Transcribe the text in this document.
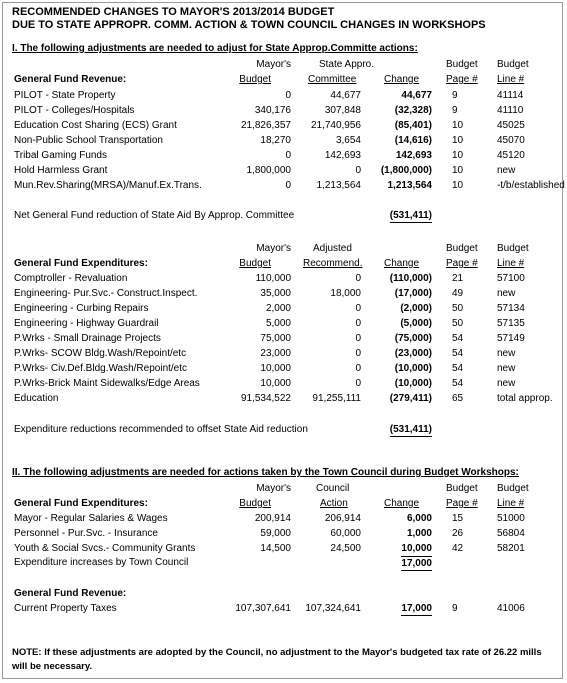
RECOMMENDED CHANGES TO MAYOR'S 2013/2014 BUDGET
DUE TO STATE APPROPR. COMM. ACTION & TOWN COUNCIL CHANGES IN WORKSHOPS
I. The following adjustments are needed to adjust for State Approp.Committe actions:
Mayor's	State Appro.	Budget Budget
General Fund Revenue:	Budget	Committee	Change	Page # Line #
PILOT - State Property	0	44,677	44,677 9	41114
PILOT - Colleges/Hospitals	340,176	307,848	(32,328) 9	41110
Education Cost Sharing (ECS) Grant	21,826,357 21,740,956	(85,401) 10	45025
Non-Public School Transportation	18,270	3,654	(14,616) 10	45070
Tribal Gaming Funds	0	142,693	142,693 10	45120
Hold Harmless Grant	1,800,000	0 (1,800,000) 10	new
Mun.Rev.Sharing(MRSA)/Manuf.Ex.Trans.	0	1,213,564	1,213,564 10	-t/b/established
Net General Fund reduction of State Aid By Approp. Committee	(531,411)
Mayor's Adjusted	Budget Budget
General Fund Expenditures:	Budget	Recommend. Change	Page # Line #
Comptroller - Revaluation	110,000	0	(110,000) 21	57100
Engineering- Pur.Svc.- Construct.Inspect.	35,000	18,000	(17,000) 49	new
Engineering - Curbing Repairs	2,000	0	(2,000) 50	57134
Engineering - Highway Guardrail	5,000	0	(5,000) 50	57135
P.Wrks - Small Drainage Projects	75,000	0	(75,000) 54	57149
P.Wrks- SCOW Bldg.Wash/Repoint/etc	23,000	0	(23,000) 54	new
P.Wrks- Civ.Def.Bldg.Wash/Repoint/etc	10,000	0	(10,000) 54	new
P.Wrks-Brick Maint Sidewalks/Edge Areas	10,000	0	(10,000) 54	new
Education	91,534,522 91,255,111	(279,411) 65	total approp.
Expenditure reductions recommended to offset State Aid reduction	(531,411)
II. The following adjustments are needed for actions taken by the Town Council during Budget Workshops:
Mayor's	Council	Budget Budget
General Fund Expenditures:	Budget	Action	Change	Page # Line #
Mayor - Regular Salaries & Wages	200,914	206,914	6,000 15	51000
Personnel - Pur.Svc. - Insurance	59,000	60,000	1,000 26	56804
Youth & Social Svcs.- Community Grants	14,500	24,500	10,000 42	58201
Expenditure increases by Town Council	17,000
General Fund Revenue:
Current Property Taxes	107,307,641 107,324,641	17,000 9	41006
NOTE: If these adjustments are adopted by the Council, no adjustment to the Mayor's budgeted tax rate of 26.22 mills will be necessary.
